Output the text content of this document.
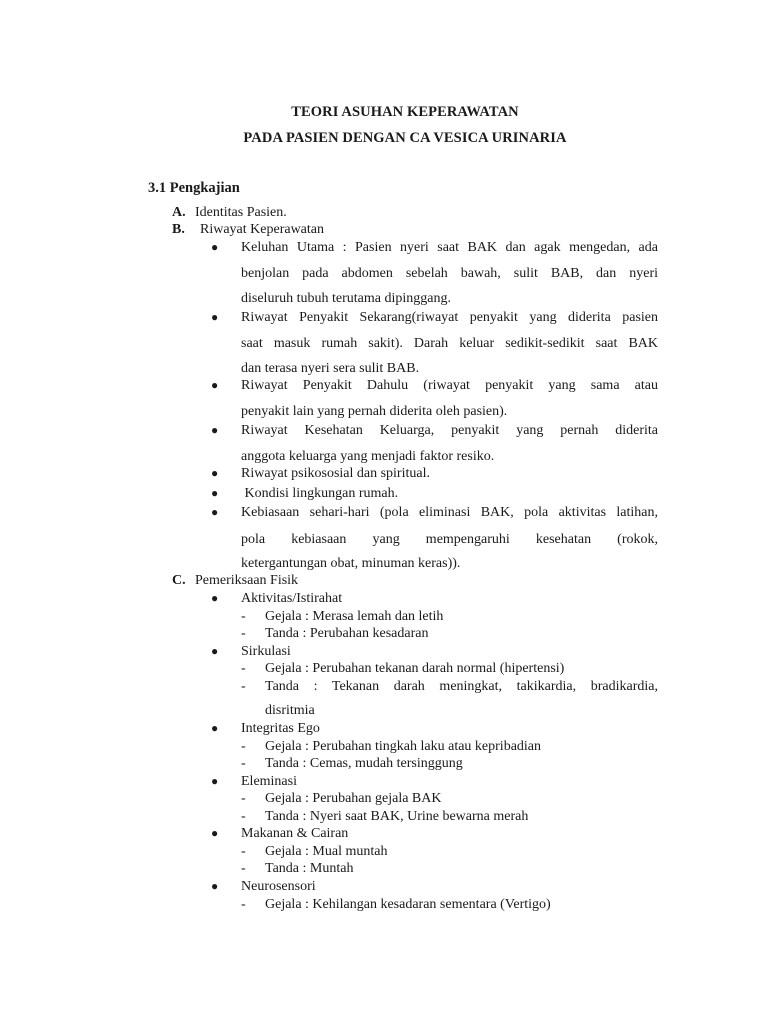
TEORI ASUHAN KEPERAWATAN
PADA PASIEN DENGAN CA VESICA URINARIA
3.1 Pengkajian
A. Identitas Pasien.
B. Riwayat Keperawatan
● Keluhan Utama : Pasien nyeri saat BAK dan agak mengedan, ada
benjolan pada abdomen sebelah bawah, sulit BAB, dan nyeri
diseluruh tubuh terutama dipinggang.
● Riwayat Penyakit Sekarang(riwayat penyakit yang diderita pasien
saat masuk rumah sakit). Darah keluar sedikit-sedikit saat BAK
dan terasa nyeri sera sulit BAB.
● Riwayat Penyakit Dahulu (riwayat penyakit yang sama atau
penyakit lain yang pernah diderita oleh pasien).
● Riwayat Kesehatan Keluarga, penyakit yang pernah diderita
anggota keluarga yang menjadi faktor resiko.
● Riwayat psikososial dan spiritual.
● Kondisi lingkungan rumah.
● Kebiasaan sehari-hari (pola eliminasi BAK, pola aktivitas latihan,
pola kebiasaan yang mempengaruhi kesehatan (rokok,
ketergantungan obat, minuman keras)).
C. Pemeriksaan Fisik
● Aktivitas/Istirahat
- Gejala : Merasa lemah dan letih
- Tanda : Perubahan kesadaran
● Sirkulasi
- Gejala : Perubahan tekanan darah normal (hipertensi)
- Tanda : Tekanan darah meningkat, takikardia, bradikardia,
disritmia
● Integritas Ego
- Gejala : Perubahan tingkah laku atau kepribadian
- Tanda : Cemas, mudah tersinggung
● Eleminasi
- Gejala : Perubahan gejala BAK
- Tanda : Nyeri saat BAK, Urine bewarna merah
● Makanan & Cairan
- Gejala : Mual muntah
- Tanda : Muntah
● Neurosensori
- Gejala : Kehilangan kesadaran sementara (Vertigo)
